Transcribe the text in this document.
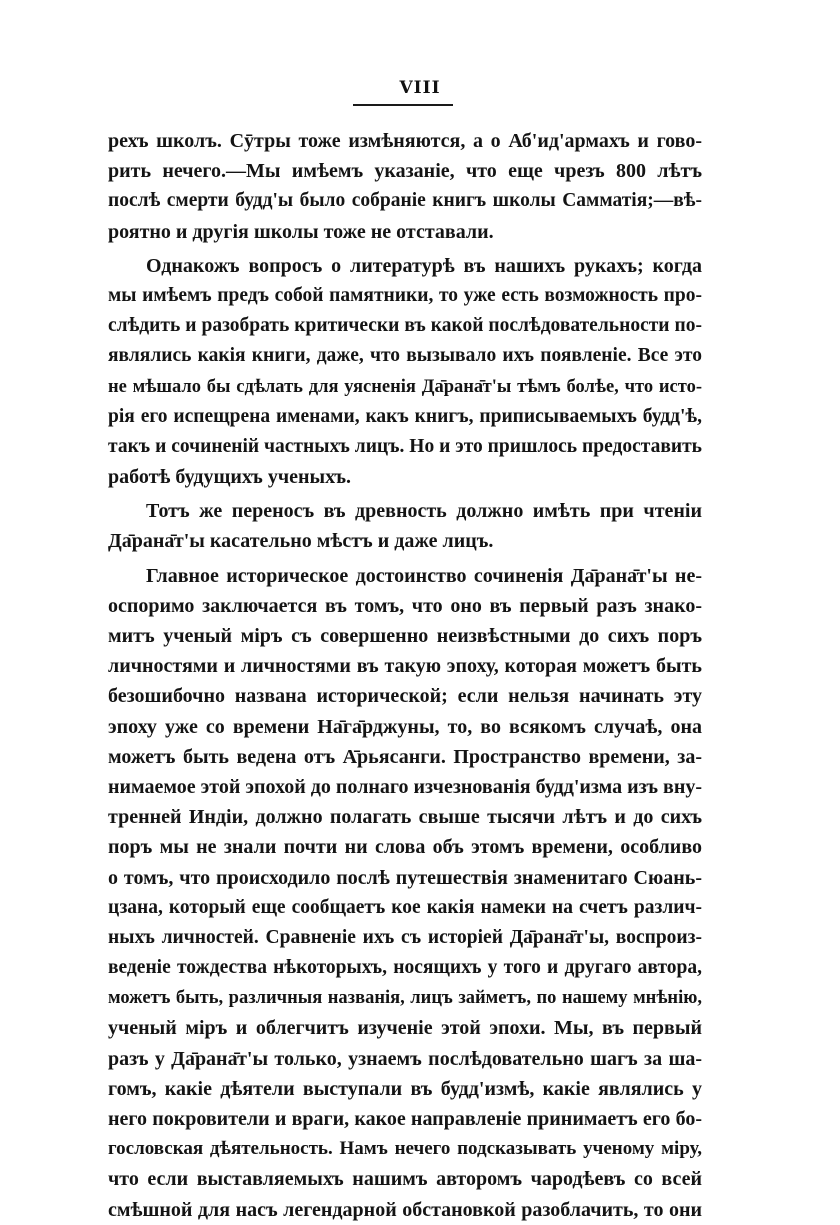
VIII
рехъ школъ. Сӯтры тоже измѣняются, а о Аб'ид'армахъ и гово-
рить нечего.—Мы имѣемъ указаніе, что еще чрезъ 800 лѣтъ
послѣ смерти будд'ы было собраніе книгъ школы Самматія;—вѣ-
роятно и другія школы тоже не отставали.
Однакожъ вопросъ о литературѣ въ нашихъ рукахъ; когда
мы имѣемъ предъ собой памятники, то уже есть возможность про-
слѣдить и разобрать критически въ какой послѣдовательности по-
являлись какія книги, даже, что вызывало ихъ появленіе. Все это
не мѣшало бы сдѣлать для уясненія Да̄рана̄т'ы тѣмъ болѣе, что исто-
рія его испещрена именами, какъ книгъ, приписываемыхъ будд'ѣ,
такъ и сочиненій частныхъ лицъ. Но и это пришлось предоставить
работѣ будущихъ ученыхъ.
Тотъ же переносъ въ древность должно имѣть при чтеніи
Да̄рана̄т'ы касательно мѣстъ и даже лицъ.
Главное историческое достоинство сочиненія Да̄рана̄т'ы не-
оспоримо заключается въ томъ, что оно въ первый разъ знако-
митъ ученый міръ съ совершенно неизвѣстными до сихъ поръ
личностями и личностями въ такую эпоху, которая можетъ быть
безошибочно названа исторической; если нельзя начинать эту
эпоху уже со времени На̄га̄рджуны, то, во всякомъ случаѣ, она
можетъ быть ведена отъ А̄рьясанги. Пространство времени, за-
нимаемое этой эпохой до полнаго изчезнованія будд'изма изъ вну-
тренней Индіи, должно полагать свыше тысячи лѣтъ и до сихъ
поръ мы не знали почти ни слова объ этомъ времени, особливо
о томъ, что происходило послѣ путешествія знаменитаго Сюань-
цзана, который еще сообщаетъ кое какія намеки на счетъ различ-
ныхъ личностей. Сравненіе ихъ съ исторіей Да̄рана̄т'ы, воспроиз-
веденіе тождества нѣкоторыхъ, носящихъ у того и другаго автора,
можетъ быть, различныя названія, лицъ займетъ, по нашему мнѣнію,
ученый міръ и облегчитъ изученіе этой эпохи. Мы, въ первый
разъ у Да̄рана̄т'ы только, узнаемъ послѣдовательно шагъ за ша-
гомъ, какіе дѣятели выступали въ будд'измѣ, какіе являлись у
него покровители и враги, какое направленіе принимаетъ его бо-
гословская дѣятельность. Намъ нечего подсказывать ученому міру,
что если выставляемыхъ нашимъ авторомъ чародѣевъ со всей
смѣшной для насъ легендарной обстановкой разоблачить, то они
